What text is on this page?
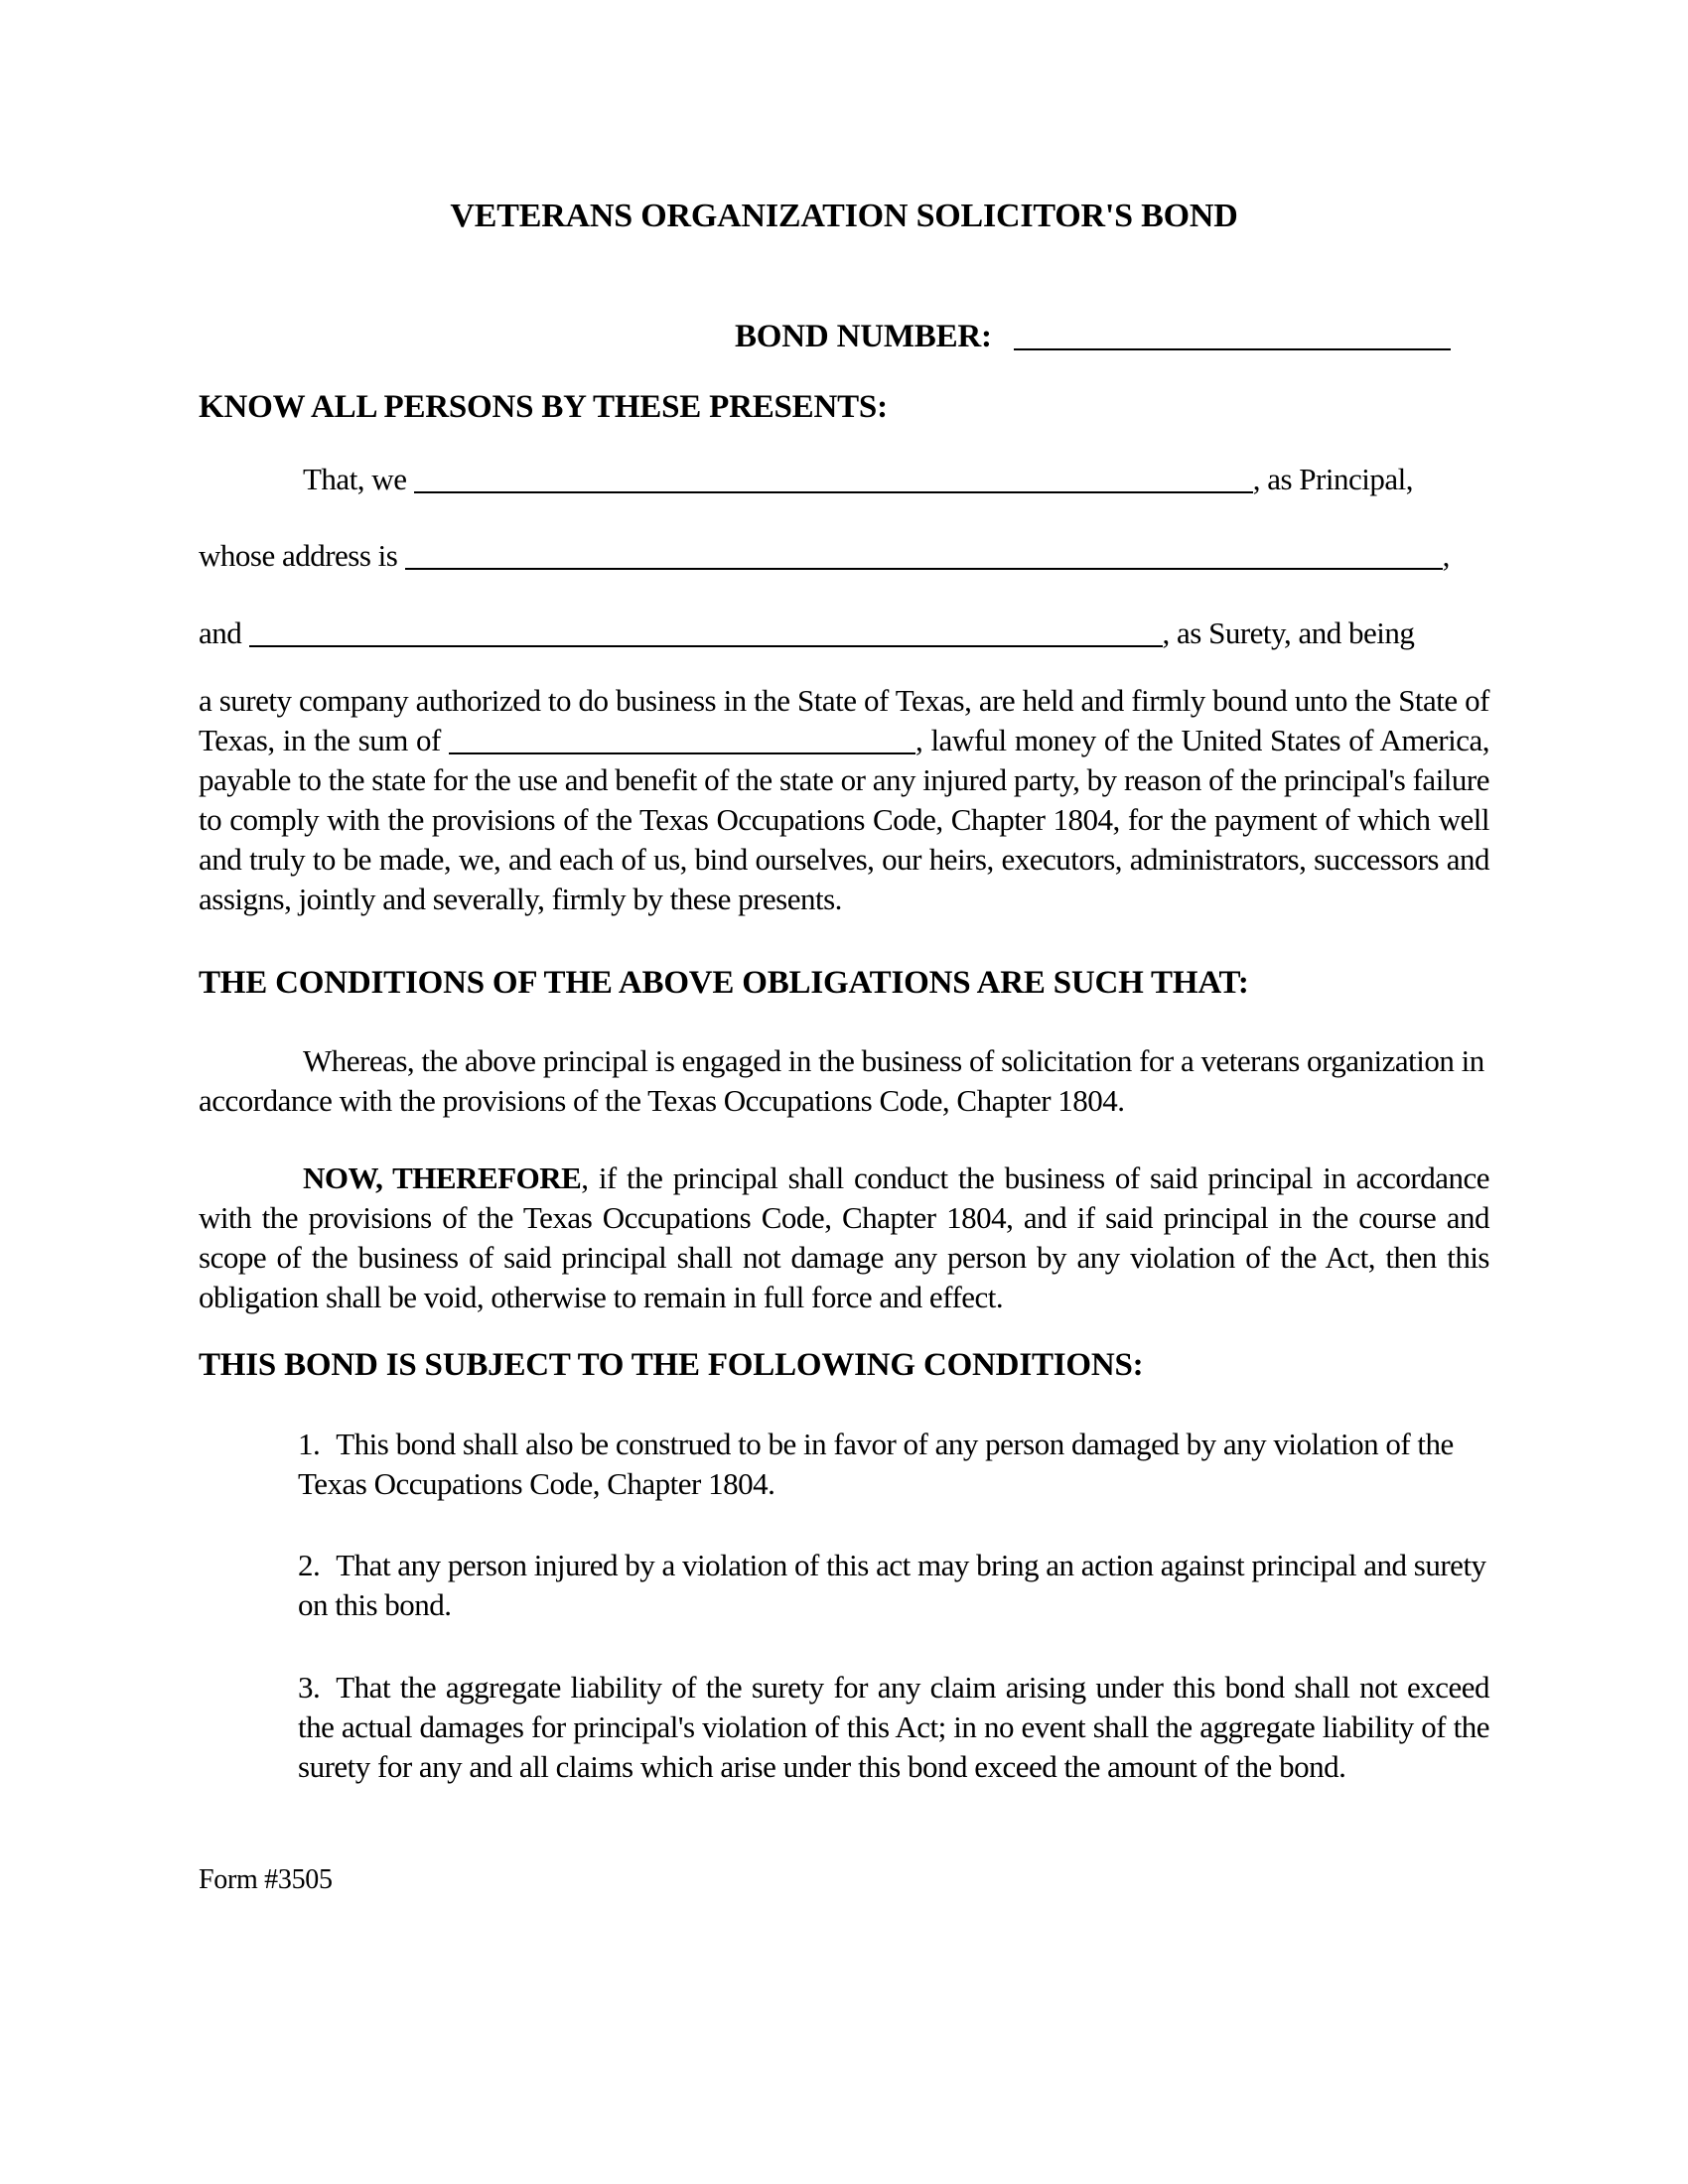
VETERANS ORGANIZATION SOLICITOR'S BOND
BOND NUMBER:
KNOW ALL PERSONS BY THESE PRESENTS:

That, we	, as Principal,

whose address is	,

and	, as Surety, and being

a surety company authorized to do business in the State of Texas, are held and firmly bound unto the State of Texas, in the sum of	, lawful money of the United States of America, payable to the state for the use and benefit of the state or any injured party, by reason of the principal's failure to comply with the provisions of the Texas Occupations Code, Chapter 1804, for the payment of which well and truly to be made, we, and each of us, bind ourselves, our heirs, executors, administrators, successors and assigns, jointly and severally, firmly by these presents.

THE CONDITIONS OF THE ABOVE OBLIGATIONS ARE SUCH THAT:

Whereas, the above principal is engaged in the business of solicitation for a veterans organization in accordance with the provisions of the Texas Occupations Code, Chapter 1804.

NOW, THEREFORE, if the principal shall conduct the business of said principal in accordance with the provisions of the Texas Occupations Code, Chapter 1804, and if said principal in the course and scope of the business of said principal shall not damage any person by any violation of the Act, then this obligation shall be void, otherwise to remain in full force and effect.

THIS BOND IS SUBJECT TO THE FOLLOWING CONDITIONS:

1. This bond shall also be construed to be in favor of any person damaged by any violation of the Texas Occupations Code, Chapter 1804.

2. That any person injured by a violation of this act may bring an action against principal and surety on this bond.

3. That the aggregate liability of the surety for any claim arising under this bond shall not exceed the actual damages for principal's violation of this Act; in no event shall the aggregate liability of the surety for any and all claims which arise under this bond exceed the amount of the bond.

Form #3505
